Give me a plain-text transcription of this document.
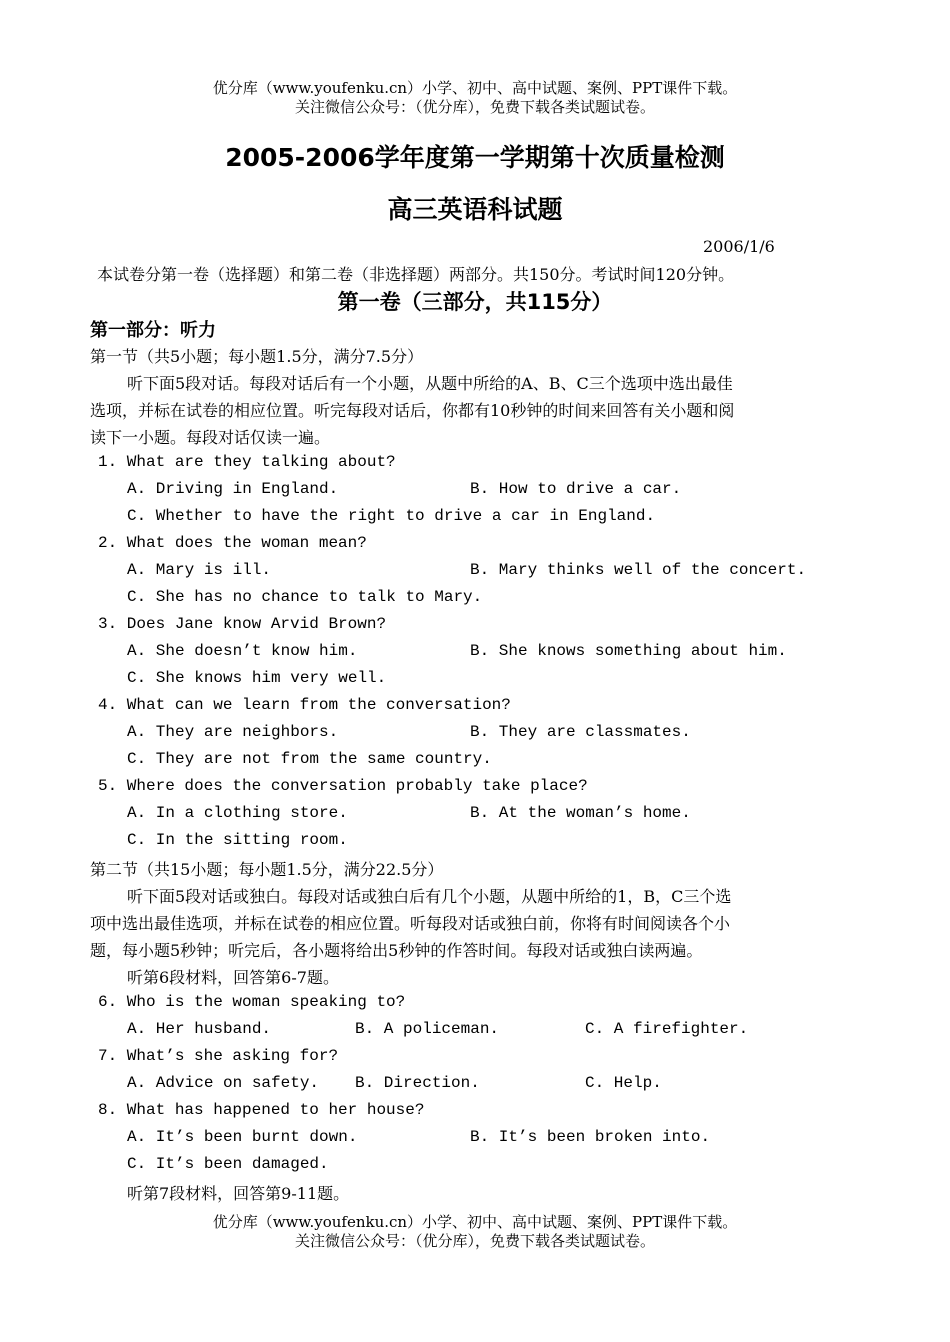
优分库（www.youfenku.cn）小学、初中、高中试题、案例、PPT课件下载。
关注微信公众号：（优分库），免费下载各类试题试卷。
2005-2006学年度第一学期第十次质量检测
高三英语科试题
2006/1/6
本试卷分第一卷（选择题）和第二卷（非选择题）两部分。共150分。考试时间120分钟。
第一卷（三部分，共115分）
第一部分：听力
第一节（共5小题；每小题1.5分，满分7.5分）
听下面5段对话。每段对话后有一个小题，从题中所给的A、B、C三个选项中选出最佳
选项，并标在试卷的相应位置。听完每段对话后，你都有10秒钟的时间来回答有关小题和阅
读下一小题。每段对话仅读一遍。
1. What are they talking about?
A. Driving in England.	B. How to drive a car.
C. Whether to have the right to drive a car in England.
2. What does the woman mean?
A. Mary is ill.	B. Mary thinks well of the concert.
C. She has no chance to talk to Mary.
3. Does Jane know Arvid Brown?
A. She doesn’t know him.	B. She knows something about him.
C. She knows him very well.
4. What can we learn from the conversation?
A. They are neighbors.	B. They are classmates.
C. They are not from the same country.
5. Where does the conversation probably take place?
A. In a clothing store.	B. At the woman’s home.
C. In the sitting room.
第二节（共15小题；每小题1.5分，满分22.5分）
听下面5段对话或独白。每段对话或独白后有几个小题，从题中所给的1，B，C三个选
项中选出最佳选项，并标在试卷的相应位置。听每段对话或独白前，你将有时间阅读各个小
题，每小题5秒钟；听完后，各小题将给出5秒钟的作答时间。每段对话或独白读两遍。
听第6段材料，回答第6-7题。
6. Who is the woman speaking to?
A. Her husband.	B. A policeman.	C. A firefighter.
7. What’s she asking for?
A. Advice on safety. B. Direction.	C. Help.
8. What has happened to her house?
A. It’s been burnt down.	B. It’s been broken into.
C. It’s been damaged.
听第7段材料，回答第9-11题。
优分库（www.youfenku.cn）小学、初中、高中试题、案例、PPT课件下载。
关注微信公众号：（优分库），免费下载各类试题试卷。
